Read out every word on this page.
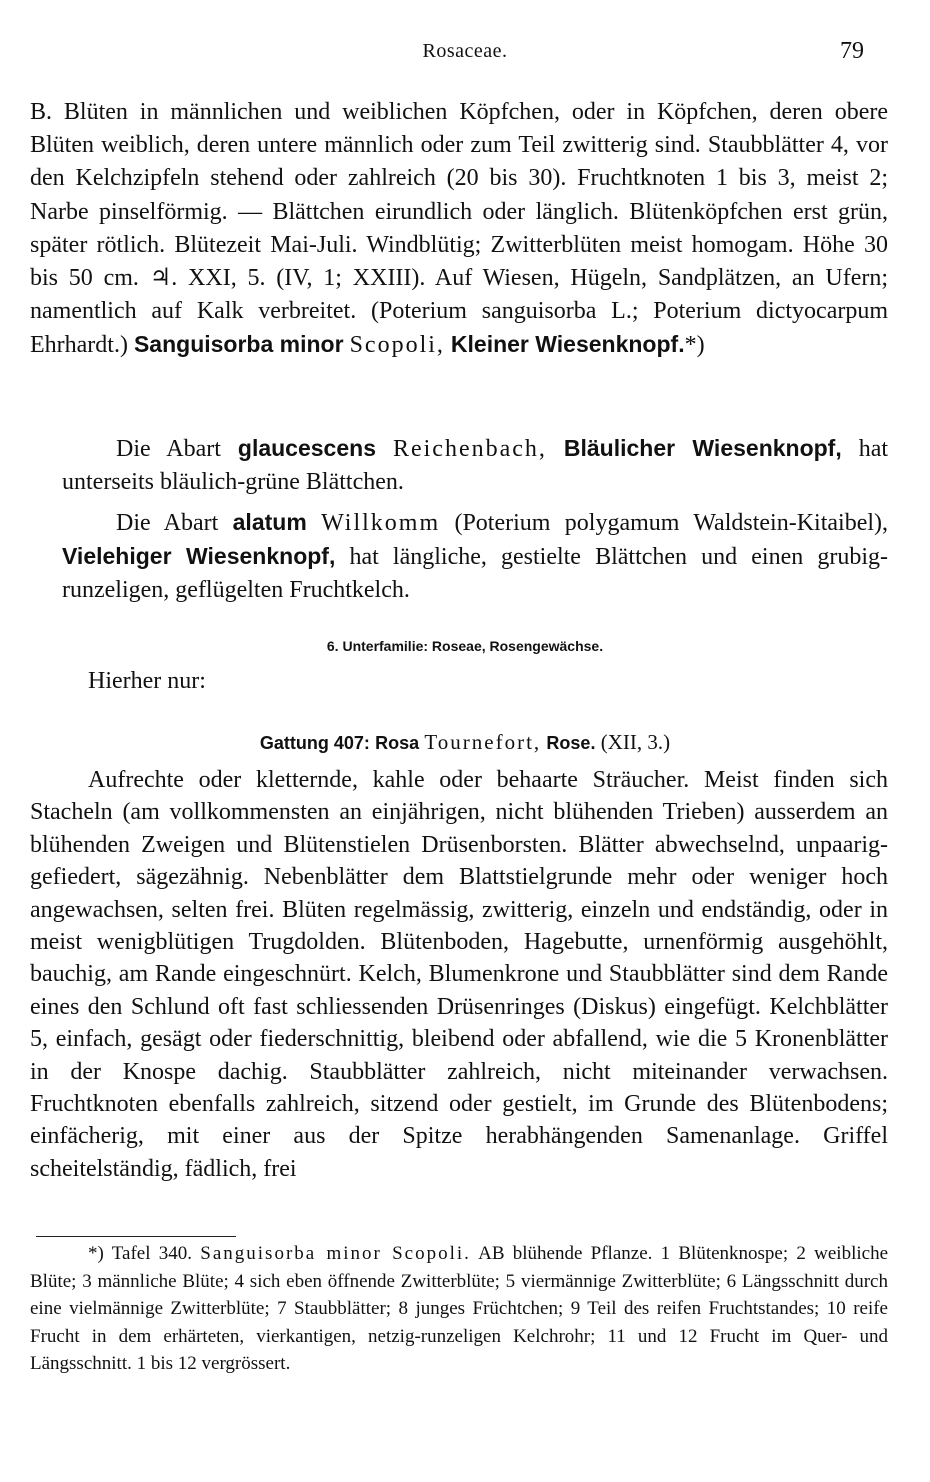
Rosaceae.	79
B. Blüten in männlichen und weiblichen Köpfchen, oder in Köpfchen, deren obere Blüten weiblich, deren untere männlich oder zum Teil zwitterig sind. Staubblätter 4, vor den Kelchzipfeln stehend oder zahlreich (20 bis 30). Fruchtknoten 1 bis 3, meist 2; Narbe pinselförmig. — Blättchen eirundlich oder länglich. Blütenköpfchen erst grün, später rötlich. Blütezeit Mai-Juli. Windblütig; Zwitterblüten meist homogam. Höhe 30 bis 50 cm. ♃. XXI, 5. (IV, 1; XXIII). Auf Wiesen, Hügeln, Sandplätzen, an Ufern; namentlich auf Kalk verbreitet. (Poterium sanguisorba L.; Poterium dictyocarpum Ehrhardt.) Sanguisorba minor Scopoli, Kleiner Wiesenknopf.*)
Die Abart glaucescens Reichenbach, Bläulicher Wiesenknopf, hat unterseits bläulich-grüne Blättchen.
Die Abart alatum Willkomm (Poterium polygamum Waldstein-Kitaibel), Vielehiger Wiesenknopf, hat längliche, gestielte Blättchen und einen grubig-runzeligen, geflügelten Fruchtkelch.
6. Unterfamilie: Roseae, Rosengewächse.
Hierher nur:
Gattung 407: Rosa Tournefort, Rose. (XII, 3.)
Aufrechte oder kletternde, kahle oder behaarte Sträucher. Meist finden sich Stacheln (am vollkommensten an einjährigen, nicht blühenden Trieben) ausserdem an blühenden Zweigen und Blütenstielen Drüsenborsten. Blätter abwechselnd, unpaarig-gefiedert, sägezähnig. Nebenblätter dem Blattstielgrunde mehr oder weniger hoch angewachsen, selten frei. Blüten regelmässig, zwitterig, einzeln und endständig, oder in meist wenigblütigen Trugdolden. Blütenboden, Hagebutte, urnenförmig ausgehöhlt, bauchig, am Rande eingeschnürt. Kelch, Blumenkrone und Staubblätter sind dem Rande eines den Schlund oft fast schliessenden Drüsenringes (Diskus) eingefügt. Kelchblätter 5, einfach, gesägt oder fiederschnittig, bleibend oder abfallend, wie die 5 Kronenblätter in der Knospe dachig. Staubblätter zahlreich, nicht miteinander verwachsen. Fruchtknoten ebenfalls zahlreich, sitzend oder gestielt, im Grunde des Blütenbodens; einfächerig, mit einer aus der Spitze herabhängenden Samenanlage. Griffel scheitelständig, fädlich, frei
*) Tafel 340. Sanguisorba minor Scopoli. AB blühende Pflanze. 1 Blütenknospe; 2 weibliche Blüte; 3 männliche Blüte; 4 sich eben öffnende Zwitterblüte; 5 viermännige Zwitterblüte; 6 Längsschnitt durch eine vielmännige Zwitterblüte; 7 Staubblätter; 8 junges Früchtchen; 9 Teil des reifen Fruchtstandes; 10 reife Frucht in dem erhärteten, vierkantigen, netzig-runzeligen Kelchrohr; 11 und 12 Frucht im Quer- und Längsschnitt. 1 bis 12 vergrössert.
